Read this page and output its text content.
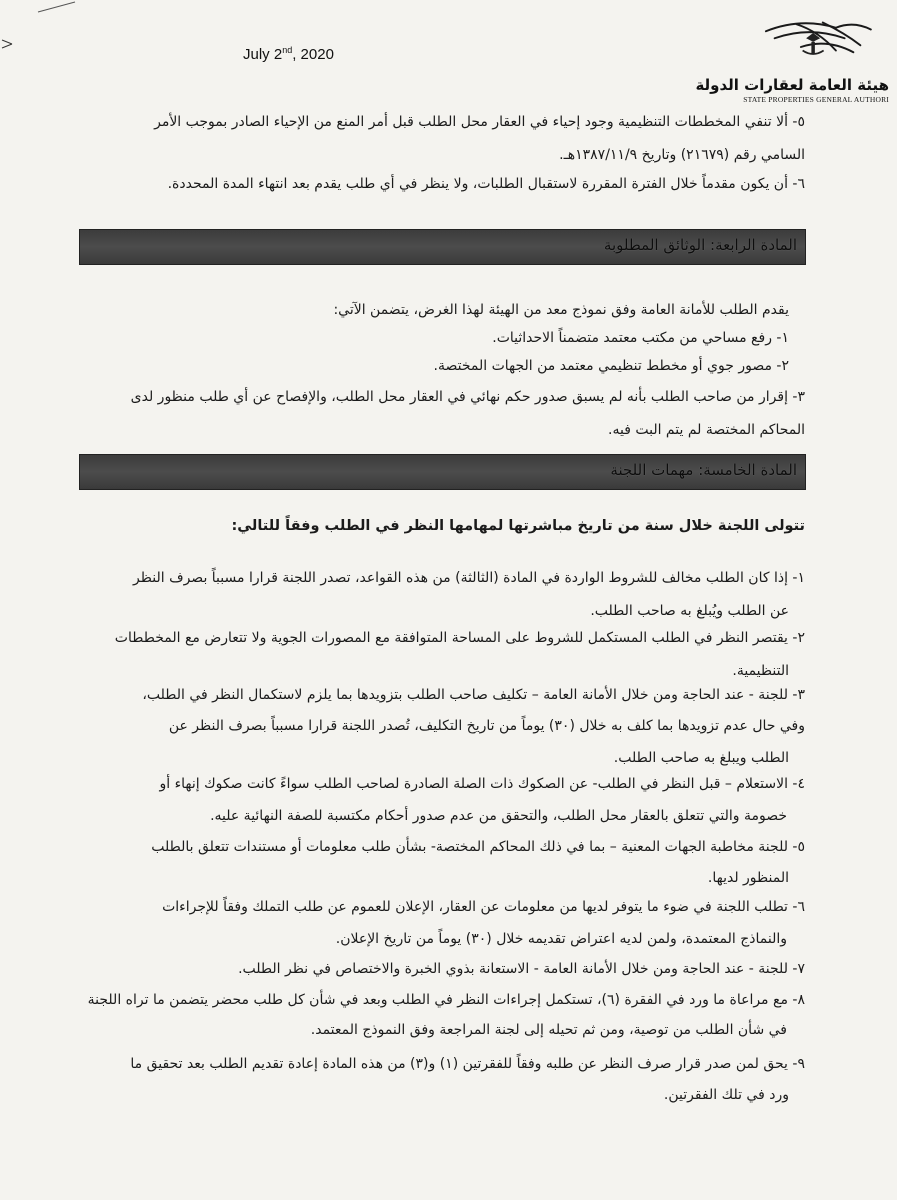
July 2nd, 2020
هيئة العامة لعقارات الدولة
STATE PROPERTIES GENERAL AUTHORI
٥- ألا تنفي المخططات التنظيمية وجود إحياء في العقار محل الطلب قبل أمر المنع من الإحياء الصادر بموجب الأمر
السامي رقم (٢١٦٧٩) وتاريخ ١٣٨٧/١١/٩هـ.
٦- أن يكون مقدماً خلال الفترة المقررة لاستقبال الطلبات، ولا ينظر في أي طلب يقدم بعد انتهاء المدة المحددة.
المادة الرابعة: الوثائق المطلوبة
يقدم الطلب للأمانة العامة وفق نموذج معد من الهيئة لهذا الغرض، يتضمن الآتي:
١- رفع مساحي من مكتب معتمد متضمناً الاحداثيات.
٢- مصور جوي أو مخطط تنظيمي معتمد من الجهات المختصة.
٣- إقرار من صاحب الطلب بأنه لم يسبق صدور حكم نهائي في العقار محل الطلب، والإفصاح عن أي طلب منظور لدى
المحاكم المختصة لم يتم البت فيه.
المادة الخامسة: مهمات اللجنة
تتولى اللجنة خلال سنة من تاريخ مباشرتها لمهامها النظر في الطلب وفقاً للتالي:
١- إذا كان الطلب مخالف للشروط الواردة في المادة (الثالثة) من هذه القواعد، تصدر اللجنة قرارا مسبباً بصرف النظر
عن الطلب ويُبلغ به صاحب الطلب.
٢- يقتصر النظر في الطلب المستكمل للشروط على المساحة المتوافقة مع المصورات الجوية ولا تتعارض مع المخططات
التنظيمية.
٣- للجنة - عند الحاجة ومن خلال الأمانة العامة – تكليف صاحب الطلب بتزويدها بما يلزم لاستكمال النظر في الطلب،
وفي حال عدم تزويدها بما كلف به خلال (٣٠) يوماً من تاريخ التكليف، تُصدر اللجنة قرارا مسبباً بصرف النظر عن
الطلب ويبلغ به صاحب الطلب.
٤- الاستعلام – قبل النظر في الطلب- عن الصكوك ذات الصلة الصادرة لصاحب الطلب سواءً كانت صكوك إنهاء أو
خصومة والتي تتعلق بالعقار محل الطلب، والتحقق من عدم صدور أحكام مكتسبة للصفة النهائية عليه.
٥- للجنة مخاطبة الجهات المعنية – بما في ذلك المحاكم المختصة- بشأن طلب معلومات أو مستندات تتعلق بالطلب
المنظور لديها.
٦- تطلب اللجنة في ضوء ما يتوفر لديها من معلومات عن العقار، الإعلان للعموم عن طلب التملك وفقاً للإجراءات
والنماذج المعتمدة، ولمن لديه اعتراض تقديمه خلال (٣٠) يوماً من تاريخ الإعلان.
٧- للجنة - عند الحاجة ومن خلال الأمانة العامة - الاستعانة بذوي الخبرة والاختصاص في نظر الطلب.
٨- مع مراعاة ما ورد في الفقرة (٦)، تستكمل إجراءات النظر في الطلب وبعد في شأن كل طلب محضر يتضمن ما تراه اللجنة
في شأن الطلب من توصية، ومن ثم تحيله إلى لجنة المراجعة وفق النموذج المعتمد.
٩- يحق لمن صدر قرار صرف النظر عن طلبه وفقاً للفقرتين (١) و(٣) من هذه المادة إعادة تقديم الطلب بعد تحقيق ما
ورد في تلك الفقرتين.
